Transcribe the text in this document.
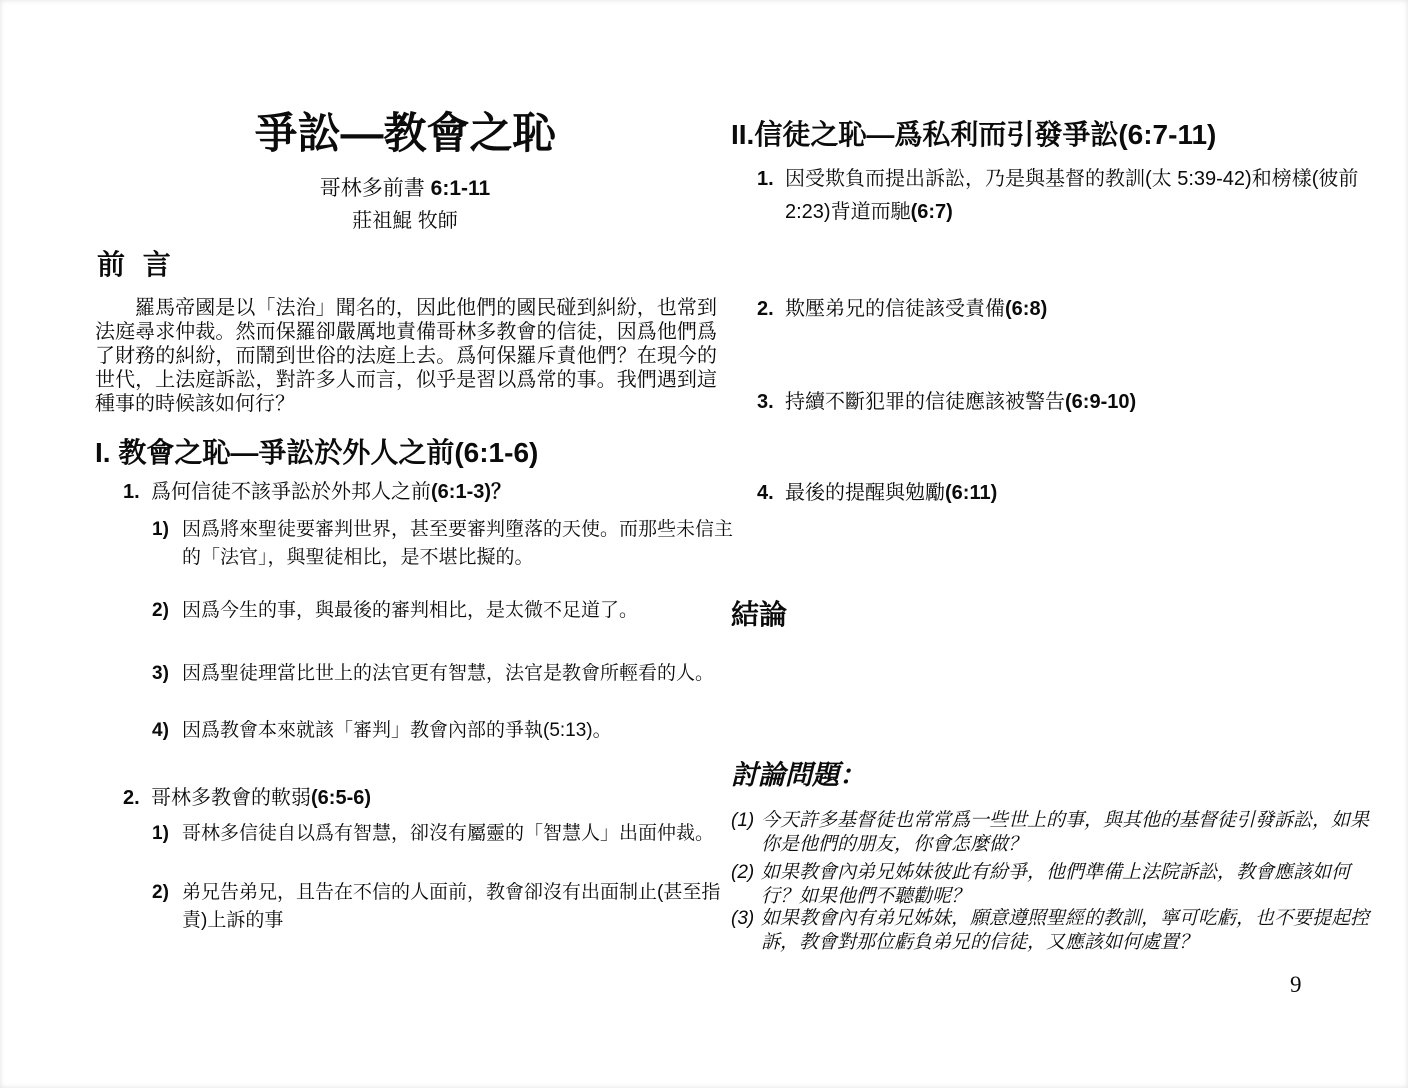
爭訟—教會之恥
哥林多前書 6:1-11
莊祖鯤 牧師
前 言

羅馬帝國是以「法治」聞名的，因此他們的國民碰到糾紛，也常到法庭尋求仲裁。然而保羅卻嚴厲地責備哥林多教會的信徒，因爲他們爲了財務的糾紛，而鬧到世俗的法庭上去。爲何保羅斥責他們？在現今的世代，上法庭訴訟，對許多人而言，似乎是習以爲常的事。我們遇到這種事的時候該如何行？

I. 教會之恥—爭訟於外人之前(6:1-6)
1. 爲何信徒不該爭訟於外邦人之前(6:1-3)？
1) 因爲將來聖徒要審判世界，甚至要審判墮落的天使。而那些未信主的「法官」，與聖徒相比，是不堪比擬的。
2) 因爲今生的事，與最後的審判相比，是太微不足道了。
3) 因爲聖徒理當比世上的法官更有智慧，法官是教會所輕看的人。
4) 因爲教會本來就該「審判」教會內部的爭執(5:13)。
2. 哥林多教會的軟弱(6:5-6)
1) 哥林多信徒自以爲有智慧，卻沒有屬靈的「智慧人」出面仲裁。
2) 弟兄告弟兄，且告在不信的人面前，教會卻沒有出面制止(甚至指責)上訴的事
II.信徒之恥—爲私利而引發爭訟(6:7-11)
1. 因受欺負而提出訴訟，乃是與基督的教訓(太 5:39-42)和榜樣(彼前 2:23)背道而馳(6:7)
2. 欺壓弟兄的信徒該受責備(6:8)
3. 持續不斷犯罪的信徒應該被警告(6:9-10)
4. 最後的提醒與勉勵(6:11)
結論
討論問題：
(1) 今天許多基督徒也常常爲一些世上的事，與其他的基督徒引發訴訟，如果你是他們的朋友，你會怎麼做？
(2) 如果教會內弟兄姊妹彼此有紛爭，他們準備上法院訴訟，教會應該如何行？如果他們不聽勸呢？
(3) 如果教會內有弟兄姊妹，願意遵照聖經的教訓，寧可吃虧，也不要提起控訴，教會對那位虧負弟兄的信徒，又應該如何處置？
9
